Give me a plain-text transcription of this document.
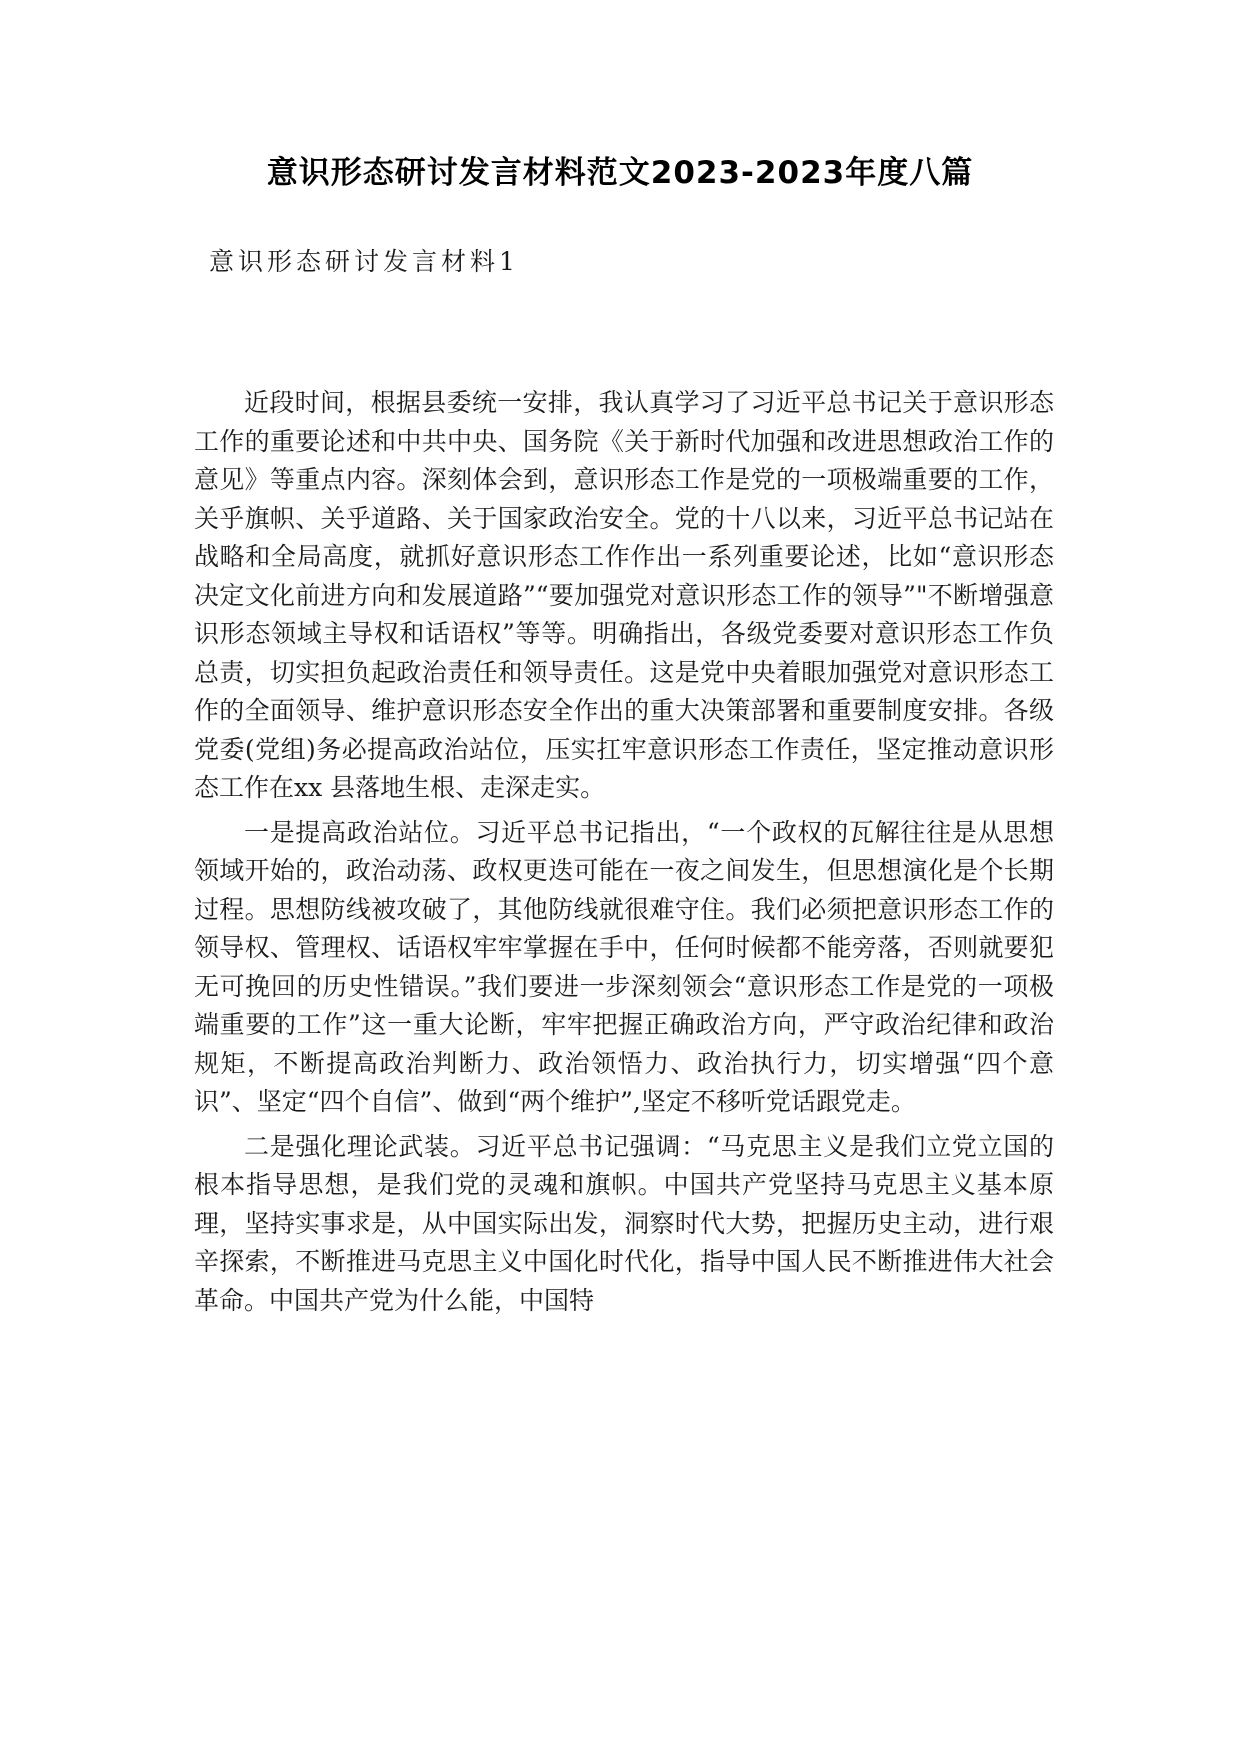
意识形态研讨发言材料范文2023-2023年度八篇
意识形态研讨发言材料1

近段时间，根据县委统一安排，我认真学习了习近平总书记关于意识形态工作的重要论述和中共中央、国务院《关于新时代加强和改进思想政治工作的意见》等重点内容。深刻体会到，意识形态工作是党的一项极端重要的工作，关乎旗帜、关乎道路、关于国家政治安全。党的十八以来，习近平总书记站在战略和全局高度，就抓好意识形态工作作出一系列重要论述，比如“意识形态决定文化前进方向和发展道路”“要加强党对意识形态工作的领导”"不断增强意识形态领域主导权和话语权”等等。明确指出，各级党委要对意识形态工作负总责，切实担负起政治责任和领导责任。这是党中央着眼加强党对意识形态工作的全面领导、维护意识形态安全作出的重大决策部署和重要制度安排。各级党委(党组)务必提高政治站位，压实扛牢意识形态工作责任，坚定推动意识形态工作在xx 县落地生根、走深走实。

一是提高政治站位。习近平总书记指出，“一个政权的瓦解往往是从思想领域开始的，政治动荡、政权更迭可能在一夜之间发生，但思想演化是个长期过程。思想防线被攻破了，其他防线就很难守住。我们必须把意识形态工作的领导权、管理权、话语权牢牢掌握在手中，任何时候都不能旁落，否则就要犯无可挽回的历史性错误。”我们要进一步深刻领会“意识形态工作是党的一项极端重要的工作”这一重大论断，牢牢把握正确政治方向，严守政治纪律和政治规矩，不断提高政治判断力、政治领悟力、政治执行力，切实增强“四个意识”、坚定“四个自信”、做到“两个维护”,坚定不移听党话跟党走。

二是强化理论武装。习近平总书记强调：“马克思主义是我们立党立国的根本指导思想，是我们党的灵魂和旗帜。中国共产党坚持马克思主义基本原理，坚持实事求是，从中国实际出发，洞察时代大势，把握历史主动，进行艰辛探索，不断推进马克思主义中国化时代化，指导中国人民不断推进伟大社会革命。中国共产党为什么能，中国特
